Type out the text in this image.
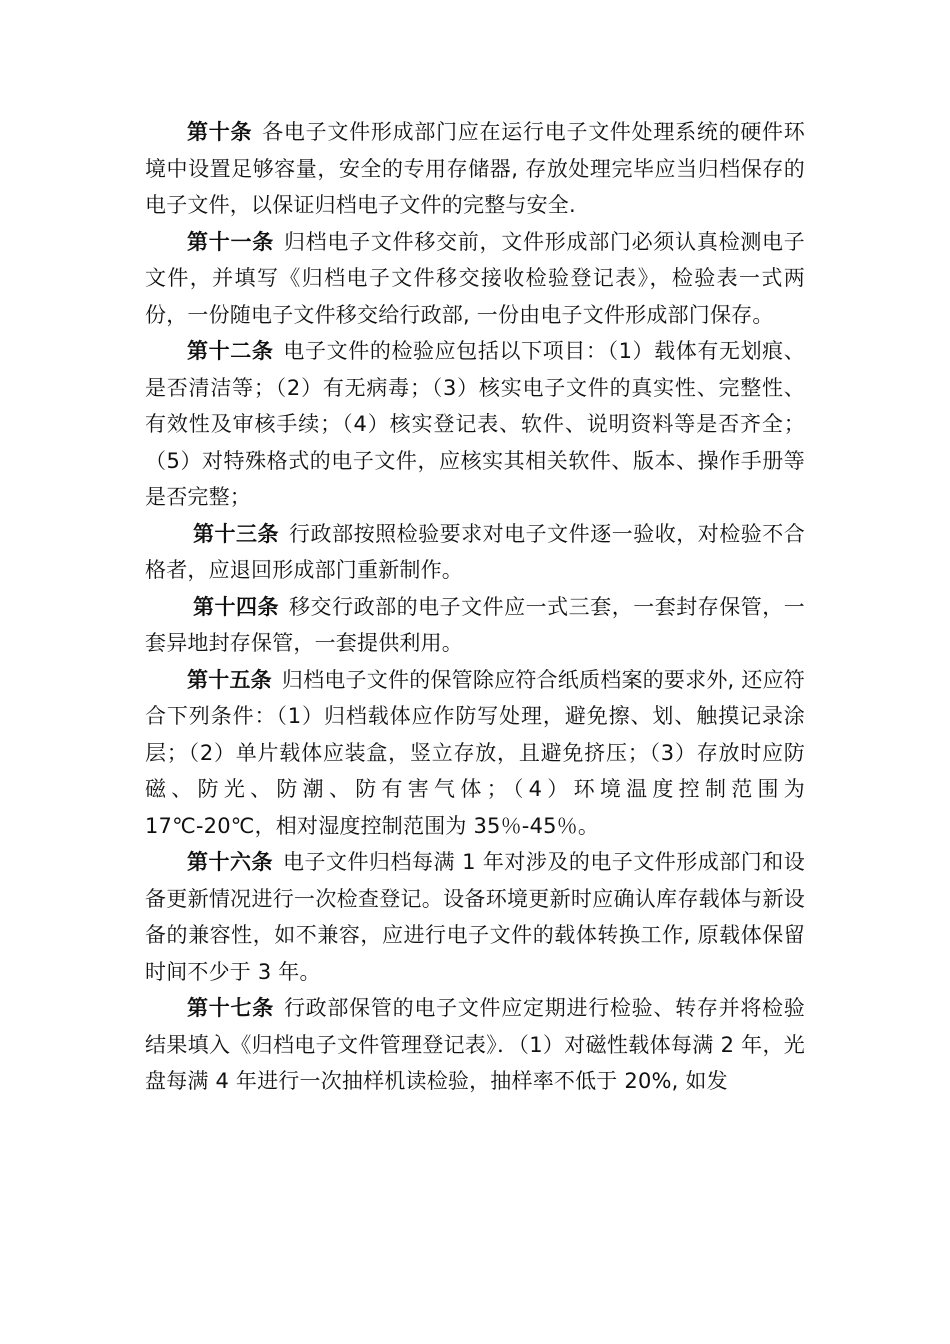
第十条 各电子文件形成部门应在运行电子文件处理系统的硬件环境中设置足够容量，安全的专用存储器, 存放处理完毕应当归档保存的电子文件，以保证归档电子文件的完整与安全.

第十一条 归档电子文件移交前，文件形成部门必须认真检测电子文件，并填写《归档电子文件移交接收检验登记表》，检验表一式两份，一份随电子文件移交给行政部, 一份由电子文件形成部门保存。

第十二条 电子文件的检验应包括以下项目：（1）载体有无划痕、是否清洁等；（2）有无病毒；（3）核实电子文件的真实性、完整性、有效性及审核手续；（4）核实登记表、软件、说明资料等是否齐全；（5）对特殊格式的电子文件，应核实其相关软件、版本、操作手册等是否完整；

第十三条 行政部按照检验要求对电子文件逐一验收，对检验不合格者，应退回形成部门重新制作。

第十四条 移交行政部的电子文件应一式三套，一套封存保管，一套异地封存保管，一套提供利用。

第十五条 归档电子文件的保管除应符合纸质档案的要求外, 还应符合下列条件：（1）归档载体应作防写处理，避免擦、划、触摸记录涂层；（2）单片载体应装盒，竖立存放，且避免挤压；（3）存放时应防磁、防光、防潮、防有害气体；（4）环境温度控制范围为 17℃-20℃，相对湿度控制范围为 35％-45％。

第十六条 电子文件归档每满 1 年对涉及的电子文件形成部门和设备更新情况进行一次检查登记。设备环境更新时应确认库存载体与新设备的兼容性，如不兼容，应进行电子文件的载体转换工作, 原载体保留时间不少于 3 年。

第十七条 行政部保管的电子文件应定期进行检验、转存并将检验结果填入《归档电子文件管理登记表》．（1）对磁性载体每满 2 年，光盘每满 4 年进行一次抽样机读检验，抽样率不低于 20%, 如发
